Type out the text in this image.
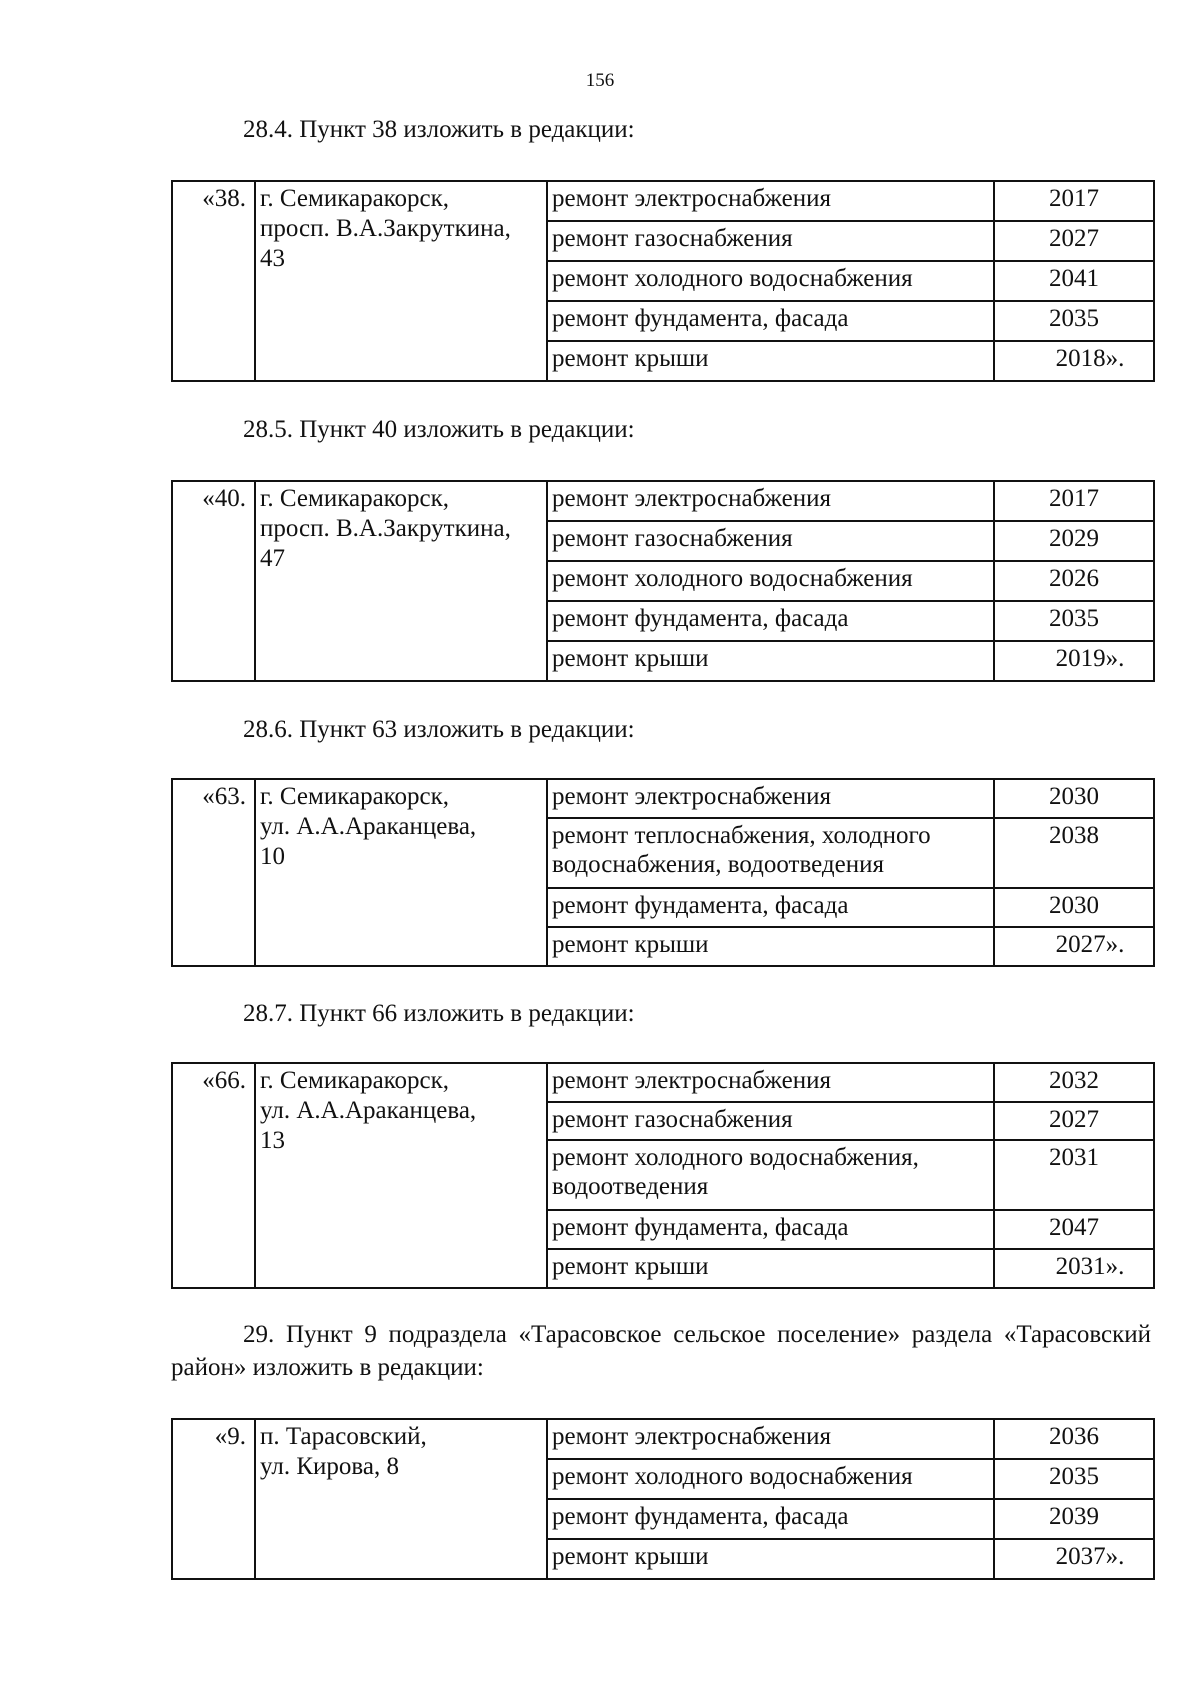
156
28.4. Пункт 38 изложить в редакции:
«38.	г. Семикаракорск,
просп. В.А.Закруткина,
43	ремонт электроснабжения	2017
		ремонт газоснабжения	2027
		ремонт холодного водоснабжения	2041
		ремонт фундамента, фасада	2035
		ремонт крыши	2018».
28.5. Пункт 40 изложить в редакции:
«40.	г. Семикаракорск,
просп. В.А.Закруткина,
47	ремонт электроснабжения	2017
		ремонт газоснабжения	2029
		ремонт холодного водоснабжения	2026
		ремонт фундамента, фасада	2035
		ремонт крыши	2019».
28.6. Пункт 63 изложить в редакции:
«63.	г. Семикаракорск,
ул. А.А.Араканцева,
10	ремонт электроснабжения	2030
		ремонт теплоснабжения, холодного водоснабжения, водоотведения	2038
		ремонт фундамента, фасада	2030
		ремонт крыши	2027».
28.7. Пункт 66 изложить в редакции:
«66.	г. Семикаракорск,
ул. А.А.Араканцева,
13	ремонт электроснабжения	2032
		ремонт газоснабжения	2027
		ремонт холодного водоснабжения, водоотведения	2031
		ремонт фундамента, фасада	2047
		ремонт крыши	2031».
29. Пункт 9 подраздела «Тарасовское сельское поселение» раздела «Тарасовский район» изложить в редакции:
«9.	п. Тарасовский,
ул. Кирова, 8	ремонт электроснабжения	2036
		ремонт холодного водоснабжения	2035
		ремонт фундамента, фасада	2039
		ремонт крыши	2037».
